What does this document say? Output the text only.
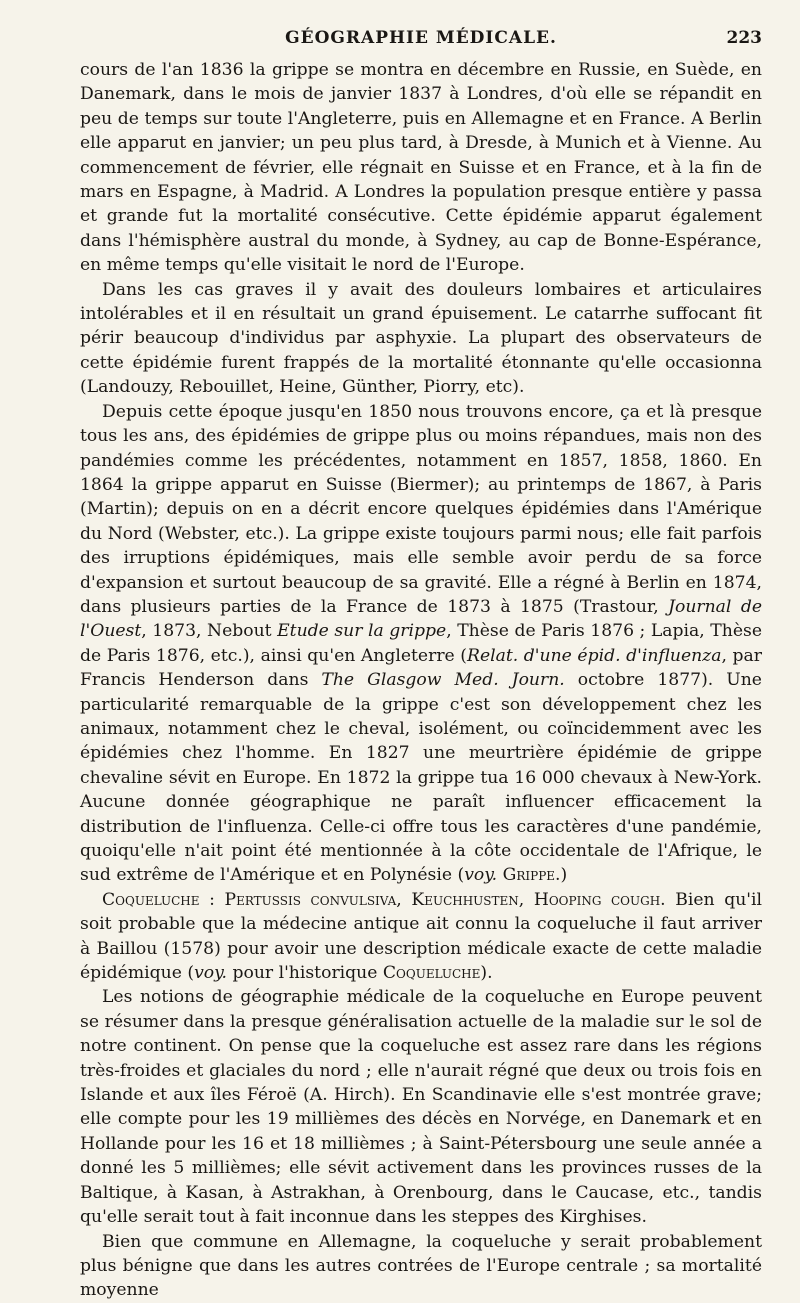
GÉOGRAPHIE MÉDICALE.	223

cours de l'an 1836 la grippe se montra en décembre en Russie, en Suède, en Danemark, dans le mois de janvier 1837 à Londres, d'où elle se répandit en peu de temps sur toute l'Angleterre, puis en Allemagne et en France. A Berlin elle apparut en janvier; un peu plus tard, à Dresde, à Munich et à Vienne. Au commencement de février, elle régnait en Suisse et en France, et à la fin de mars en Espagne, à Madrid. A Londres la population presque entière y passa et grande fut la mortalité consécutive. Cette épidémie apparut également dans l'hémisphère austral du monde, à Sydney, au cap de Bonne-Espérance, en même temps qu'elle visitait le nord de l'Europe.

Dans les cas graves il y avait des douleurs lombaires et articulaires intolérables et il en résultait un grand épuisement. Le catarrhe suffocant fit périr beaucoup d'individus par asphyxie. La plupart des observateurs de cette épidémie furent frappés de la mortalité étonnante qu'elle occasionna (Landouzy, Rebouillet, Heine, Günther, Piorry, etc).

Depuis cette époque jusqu'en 1850 nous trouvons encore, ça et là presque tous les ans, des épidémies de grippe plus ou moins répandues, mais non des pandémies comme les précédentes, notamment en 1857, 1858, 1860. En 1864 la grippe apparut en Suisse (Biermer); au printemps de 1867, à Paris (Martin); depuis on en a décrit encore quelques épidémies dans l'Amérique du Nord (Webster, etc.). La grippe existe toujours parmi nous; elle fait parfois des irruptions épidémiques, mais elle semble avoir perdu de sa force d'expansion et surtout beaucoup de sa gravité. Elle a régné à Berlin en 1874, dans plusieurs parties de la France de 1873 à 1875 (Trastour, Journal de l'Ouest, 1873, Nebout Etude sur la grippe, Thèse de Paris 1876 ; Lapia, Thèse de Paris 1876, etc.), ainsi qu'en Angleterre (Relat. d'une épid. d'influenza, par Francis Henderson dans The Glasgow Med. Journ. octobre 1877). Une particularité remarquable de la grippe c'est son développement chez les animaux, notamment chez le cheval, isolément, ou coïncidemment avec les épidémies chez l'homme. En 1827 une meurtrière épidémie de grippe chevaline sévit en Europe. En 1872 la grippe tua 16 000 chevaux à New-York. Aucune donnée géographique ne paraît influencer efficacement la distribution de l'influenza. Celle-ci offre tous les caractères d'une pandémie, quoiqu'elle n'ait point été mentionnée à la côte occidentale de l'Afrique, le sud extrême de l'Amérique et en Polynésie (voy. Grippe.)

Coqueluche : Pertussis convulsiva, Keuchhusten, Hooping cough. Bien qu'il soit probable que la médecine antique ait connu la coqueluche il faut arriver à Baillou (1578) pour avoir une description médicale exacte de cette maladie épidémique (voy. pour l'historique Coqueluche).

Les notions de géographie médicale de la coqueluche en Europe peuvent se résumer dans la presque généralisation actuelle de la maladie sur le sol de notre continent. On pense que la coqueluche est assez rare dans les régions très-froides et glaciales du nord ; elle n'aurait régné que deux ou trois fois en Islande et aux îles Féroë (A. Hirch). En Scandinavie elle s'est montrée grave; elle compte pour les 19 millièmes des décès en Norvége, en Danemark et en Hollande pour les 16 et 18 millièmes ; à Saint-Pétersbourg une seule année a donné les 5 millièmes; elle sévit activement dans les provinces russes de la Baltique, à Kasan, à Astrakhan, à Orenbourg, dans le Caucase, etc., tandis qu'elle serait tout à fait inconnue dans les steppes des Kirghises.

Bien que commune en Allemagne, la coqueluche y serait probablement plus bénigne que dans les autres contrées de l'Europe centrale ; sa mortalité moyenne
